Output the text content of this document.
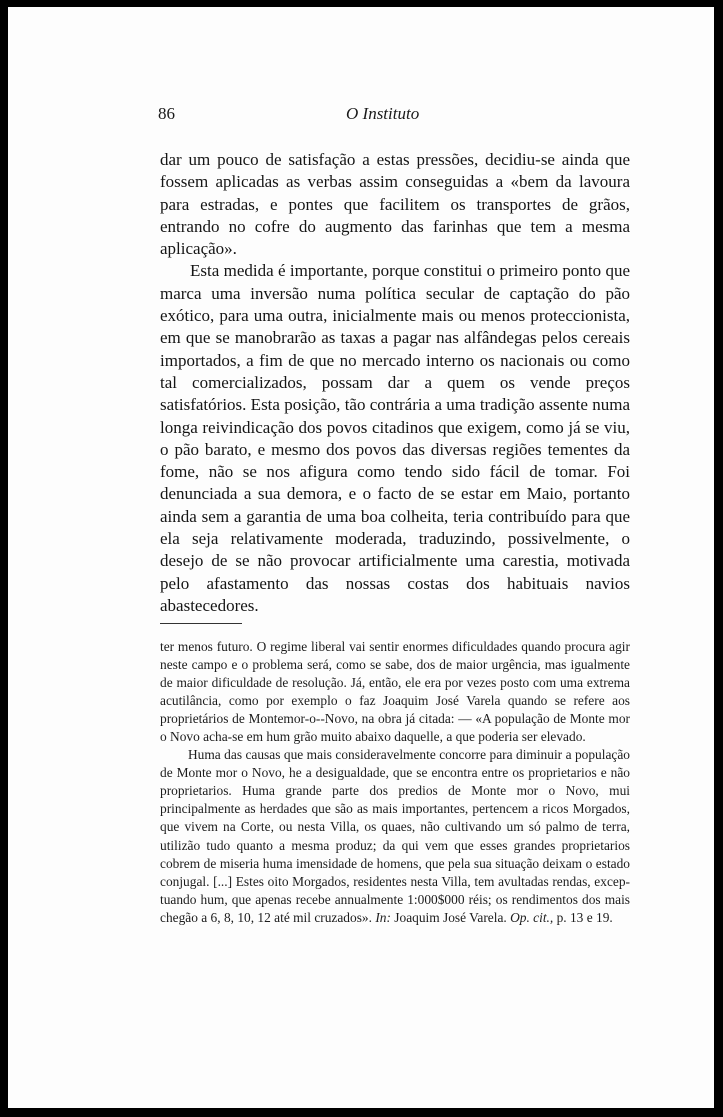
86	O Instituto

dar um pouco de satisfação a estas pressões, decidiu-se ainda que fossem aplicadas as verbas assim conseguidas a «bem da lavoura para estradas, e pontes que facilitem os transportes de grãos, entrando no cofre do augmento das farinhas que tem a mesma aplicação».

Esta medida é importante, porque constitui o primeiro ponto que marca uma inversão numa política secular de captação do pão exótico, para uma outra, inicialmente mais ou menos proteccionista, em que se manobrarão as taxas a pagar nas alfândegas pelos cereais importados, a fim de que no mercado interno os nacionais ou como tal comercializados, possam dar a quem os vende preços satisfatórios. Esta posição, tão contrária a uma tradição assente numa longa reivindicação dos povos citadinos que exigem, como já se viu, o pão barato, e mesmo dos povos das diversas regiões tementes da fome, não se nos afigura como tendo sido fácil de tomar. Foi denunciada a sua demora, e o facto de se estar em Maio, portanto ainda sem a garantia de uma boa colheita, teria contribuído para que ela seja relativamente moderada, traduzindo, possivelmente, o desejo de se não provocar artificialmente uma carestia, motivada pelo afastamento das nossas costas dos habituais navios abastecedores.

ter menos futuro. O regime liberal vai sentir enormes dificuldades quando procura agir neste campo e o problema será, como se sabe, dos de maior urgência, mas igualmente de maior dificuldade de resolução. Já, então, ele era por vezes posto com uma extrema acutilância, como por exemplo o faz Joaquim José Varela quando se refere aos proprietários de Montemor-o--Novo, na obra já citada: — «A população de Monte mor o Novo acha-se em hum grão muito abaixo daquelle, a que poderia ser elevado.

Huma das causas que mais consideravelmente concorre para diminuir a população de Monte mor o Novo, he a desigualdade, que se encontra entre os proprietarios e não proprietarios. Huma grande parte dos predios de Monte mor o Novo, mui principalmente as herdades que são as mais importantes, pertencem a ricos Morgados, que vivem na Corte, ou nesta Villa, os quaes, não cultivando um só palmo de terra, utilizão tudo quanto a mesma produz; da qui vem que esses grandes proprietarios cobrem de miseria huma imensidade de homens, que pela sua situação deixam o estado conjugal. [...] Estes oito Morgados, residentes nesta Villa, tem avultadas rendas, exceptuando hum, que apenas recebe annualmente 1:000$000 réis; os rendimentos dos mais chegão a 6, 8, 10, 12 até mil cruzados». In: Joaquim José Varela. Op. cit., p. 13 e 19.
